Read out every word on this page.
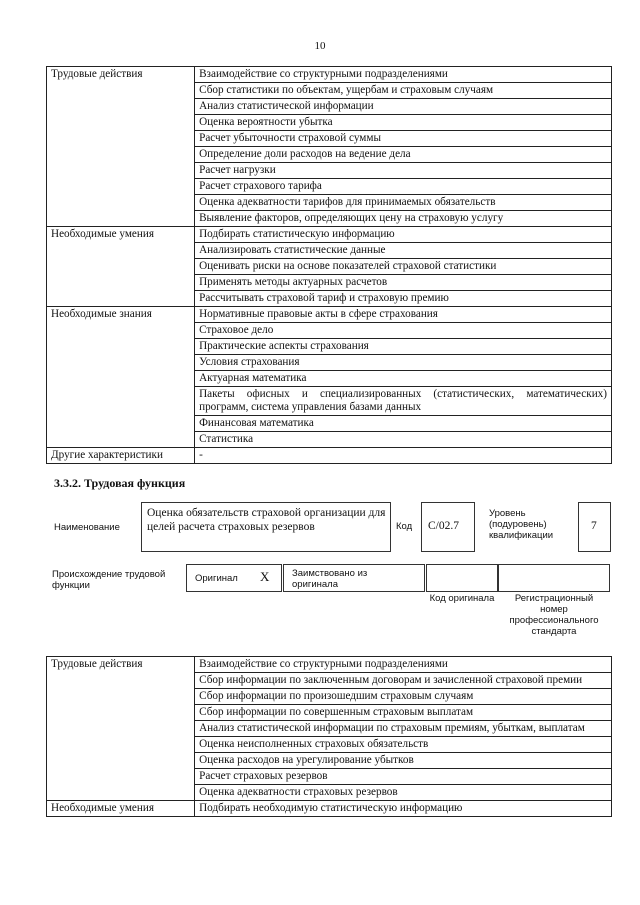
10
Трудовые действия	Взаимодействие со структурными подразделениями
	Сбор статистики по объектам, ущербам и страховым случаям
	Анализ статистической информации
	Оценка вероятности убытка
	Расчет убыточности страховой суммы
	Определение доли расходов на ведение дела
	Расчет нагрузки
	Расчет страхового тарифа
	Оценка адекватности тарифов для принимаемых обязательств
	Выявление факторов, определяющих цену на страховую услугу
Необходимые умения	Подбирать статистическую информацию
	Анализировать статистические данные
	Оценивать риски на основе показателей страховой статистики
	Применять методы актуарных расчетов
	Рассчитывать страховой тариф и страховую премию
Необходимые знания	Нормативные правовые акты в сфере страхования
	Страховое дело
	Практические аспекты страхования
	Условия страхования
	Актуарная математика
	Пакеты офисных и специализированных (статистических, математических) программ, система управления базами данных
	Финансовая математика
	Статистика
Другие характеристики	-
3.3.2. Трудовая функция
Наименование
Оценка обязательств страховой организации для целей расчета страховых резервов	Код С/02.7
Уровень (подуровень) квалификации
7
Происхождение трудовой функции
Оригинал X Заимствовано из оригинала
Код оригинала	Регистрационный номер профессионального стандарта
Трудовые действия	Взаимодействие со структурными подразделениями
	Сбор информации по заключенным договорам и зачисленной страховой премии
	Сбор информации по произошедшим страховым случаям
	Сбор информации по совершенным страховым выплатам
	Анализ статистической информации по страховым премиям, убыткам, выплатам
	Оценка неисполненных страховых обязательств
	Оценка расходов на урегулирование убытков
	Расчет страховых резервов
	Оценка адекватности страховых резервов
Необходимые умения	Подбирать необходимую статистическую информацию
